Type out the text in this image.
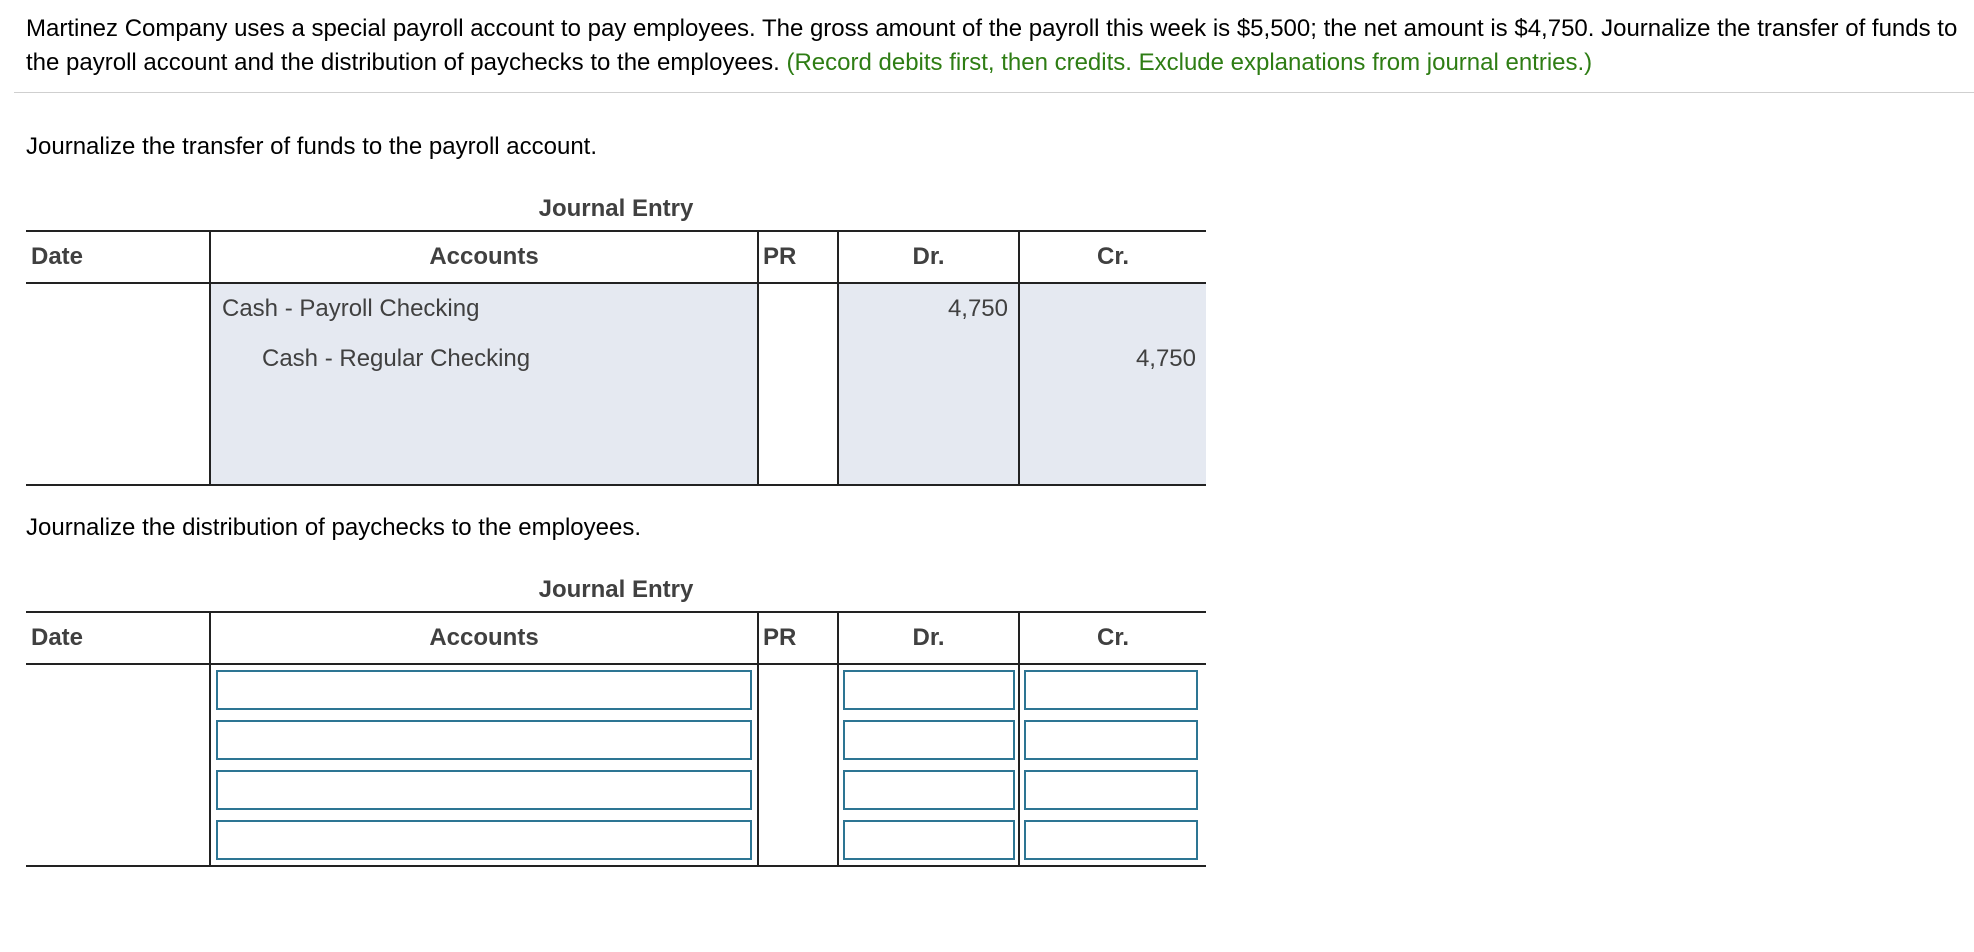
Martinez Company uses a special payroll account to pay employees. The gross amount of the payroll this week is $5,500; the net amount is $4,750. Journalize the transfer of funds to the payroll account and the distribution of paychecks to the employees. (Record debits first, then credits. Exclude explanations from journal entries.)
Journalize the transfer of funds to the payroll account.
Journal Entry
Date	Accounts	PR	Dr.	Cr.
	Cash - Payroll Checking		4,750	
	Cash - Regular Checking			4,750

Journalize the distribution of paychecks to the employees.
Journal Entry
Date	Accounts	PR	Dr.	Cr.
